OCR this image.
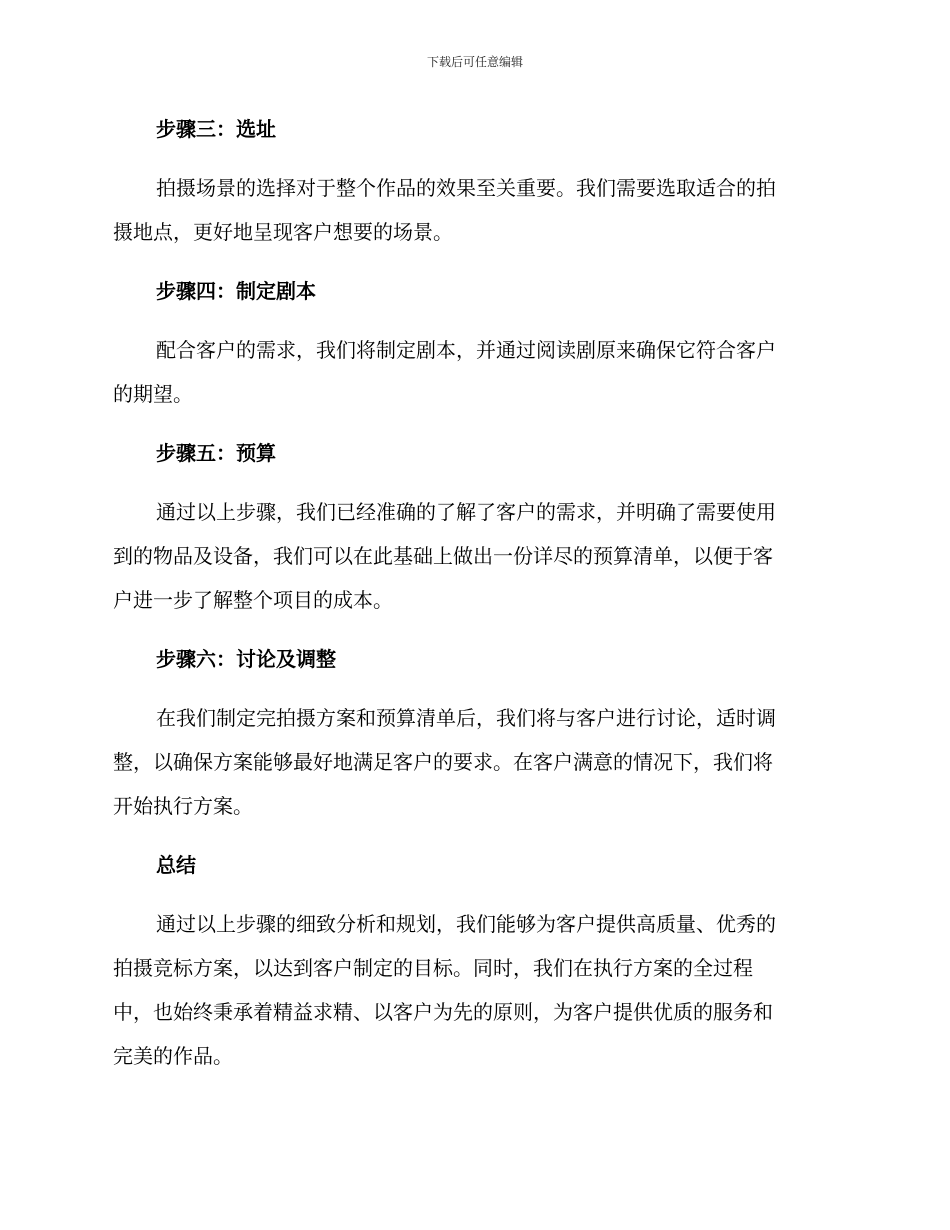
下载后可任意编辑
步骤三：选址

拍摄场景的选择对于整个作品的效果至关重要。我们需要选取适合的拍
摄地点，更好地呈现客户想要的场景。

步骤四：制定剧本

配合客户的需求，我们将制定剧本，并通过阅读剧原来确保它符合客户
的期望。

步骤五：预算

通过以上步骤，我们已经准确的了解了客户的需求，并明确了需要使用
到的物品及设备，我们可以在此基础上做出一份详尽的预算清单，以便于客
户进一步了解整个项目的成本。

步骤六：讨论及调整

在我们制定完拍摄方案和预算清单后，我们将与客户进行讨论，适时调
整，以确保方案能够最好地满足客户的要求。在客户满意的情况下，我们将
开始执行方案。

总结

通过以上步骤的细致分析和规划，我们能够为客户提供高质量、优秀的
拍摄竞标方案，以达到客户制定的目标。同时，我们在执行方案的全过程
中，也始终秉承着精益求精、以客户为先的原则，为客户提供优质的服务和
完美的作品。
